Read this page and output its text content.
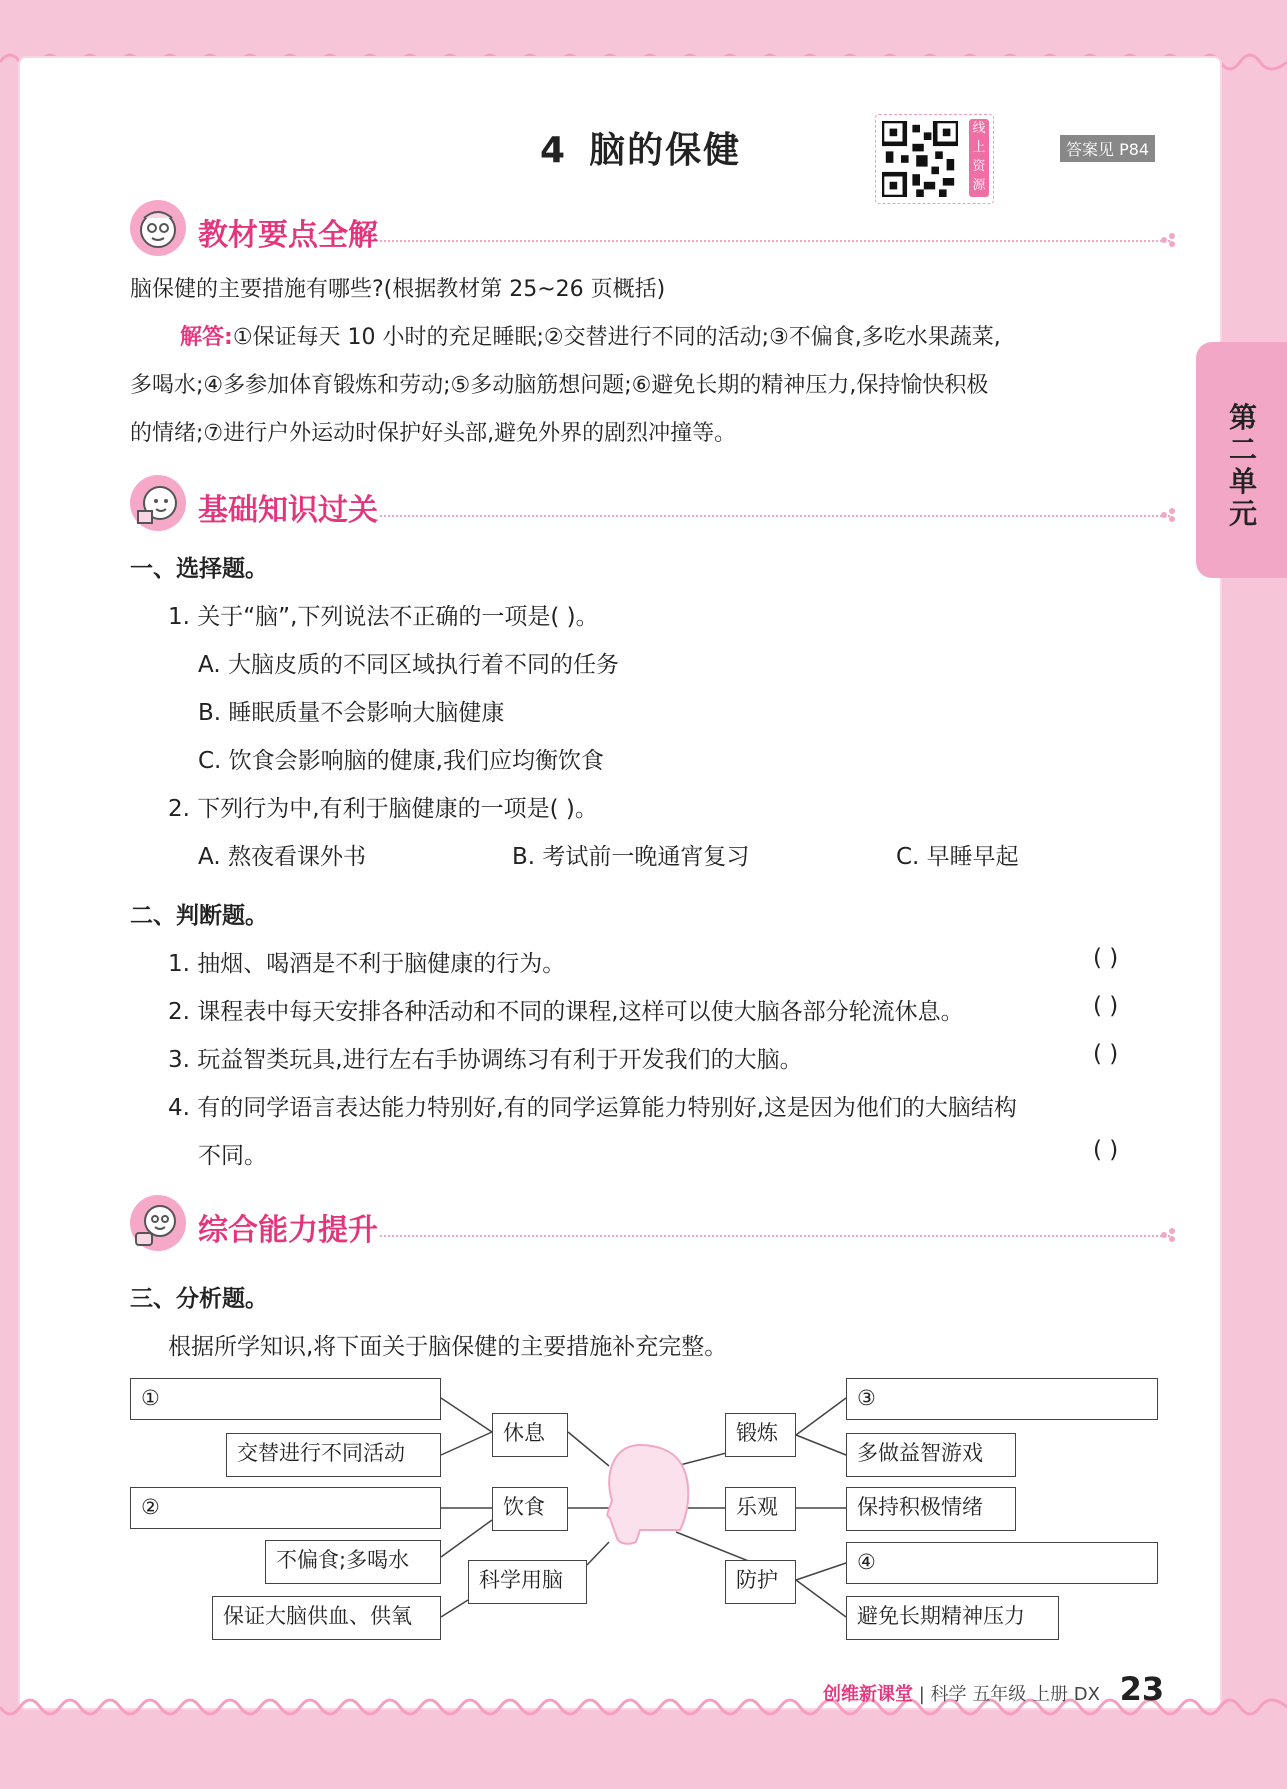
4 脑的保健
线上资源
答案见 P84
第二单元
教材要点全解
脑保健的主要措施有哪些?(根据教材第 25~26 页概括)
解答:①保证每天 10 小时的充足睡眠;②交替进行不同的活动;③不偏食,多吃水果蔬菜,
多喝水;④多参加体育锻炼和劳动;⑤多动脑筋想问题;⑥避免长期的精神压力,保持愉快积极
的情绪;⑦进行户外运动时保护好头部,避免外界的剧烈冲撞等。
基础知识过关
一、选择题。
1. 关于“脑”,下列说法不正确的一项是( )。
A. 大脑皮质的不同区域执行着不同的任务
B. 睡眠质量不会影响大脑健康
C. 饮食会影响脑的健康,我们应均衡饮食
2. 下列行为中,有利于脑健康的一项是( )。
A. 熬夜看课外书	B. 考试前一晚通宵复习	C. 早睡早起
二、判断题。
1. 抽烟、喝酒是不利于脑健康的行为。	( )
2. 课程表中每天安排各种活动和不同的课程,这样可以使大脑各部分轮流休息。	( )
3. 玩益智类玩具,进行左右手协调练习有利于开发我们的大脑。	( )
4. 有的同学语言表达能力特别好,有的同学运算能力特别好,这是因为他们的大脑结构
不同。	( )
综合能力提升
三、分析题。
根据所学知识,将下面关于脑保健的主要措施补充完整。
①
交替进行不同活动
②
不偏食;多喝水
保证大脑供血、供氧
休息
饮食
科学用脑
锻炼
乐观
防护
③
多做益智游戏
保持积极情绪
④
避免长期精神压力
创维新课堂 | 科学 五年级 上册 DX 23
